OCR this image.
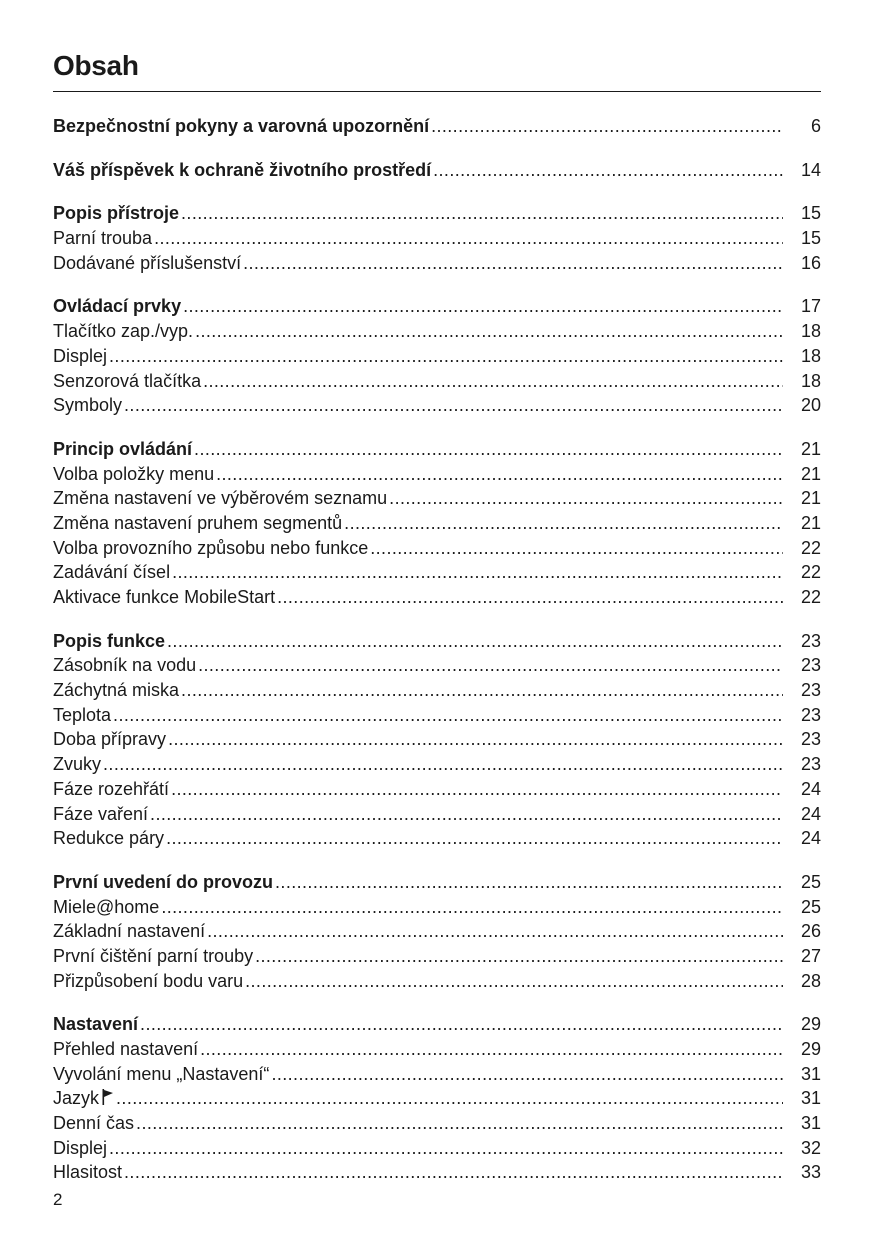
Obsah
Bezpečnostní pokyny a varovná upozornění .....	6
Váš příspěvek k ochraně životního prostředí .....	14
Popis přístroje .....	15
Parní trouba .....	15
Dodávané příslušenství .....	16
Ovládací prvky .....	17
Tlačítko zap./vyp. .....	18
Displej .....	18
Senzorová tlačítka .....	18
Symboly .....	20
Princip ovládání .....	21
Volba položky menu .....	21
Změna nastavení ve výběrovém seznamu .....	21
Změna nastavení pruhem segmentů .....	21
Volba provozního způsobu nebo funkce .....	22
Zadávání čísel .....	22
Aktivace funkce MobileStart .....	22
Popis funkce .....	23
Zásobník na vodu .....	23
Záchytná miska .....	23
Teplota .....	23
Doba přípravy .....	23
Zvuky .....	23
Fáze rozehřátí .....	24
Fáze vaření .....	24
Redukce páry .....	24
První uvedení do provozu .....	25
Miele@home .....	25
Základní nastavení .....	26
První čištění parní trouby .....	27
Přizpůsobení bodu varu .....	28
Nastavení .....	29
Přehled nastavení .....	29
Vyvolání menu „Nastavení“ .....	31
Jazyk .....	31
Denní čas .....	31
Displej .....	32
Hlasitost .....	33
2
